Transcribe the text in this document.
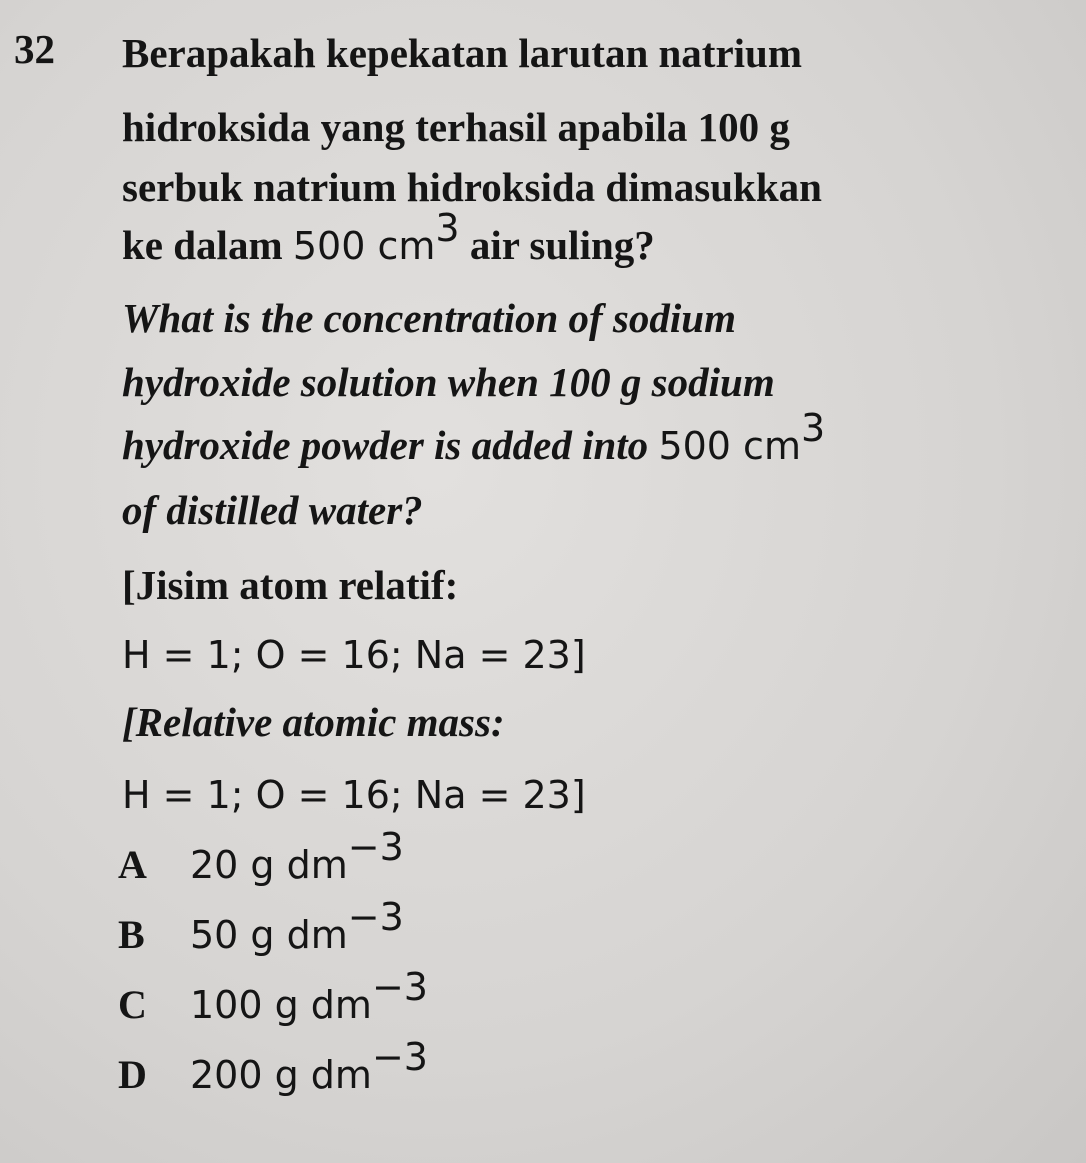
32 Berapakah kepekatan larutan natrium
hidroksida yang terhasil apabila 100 g
serbuk natrium hidroksida dimasukkan
ke dalam 500 $cm^3$ air suling?
What is the concentration of sodium
hydroxide solution when 100 g sodium
hydroxide powder is added into 500 $cm^3$
of distilled water?
[Jisim atom relatif:
H = 1; O = 16; Na = 23]
[Relative atomic mass:
H = 1; O = 16; Na = 23]
A 20 g $dm^{-3}$
B 50 g $dm^{-3}$
C 100 g $dm^{-3}$
D 200 g $dm^{-3}$
